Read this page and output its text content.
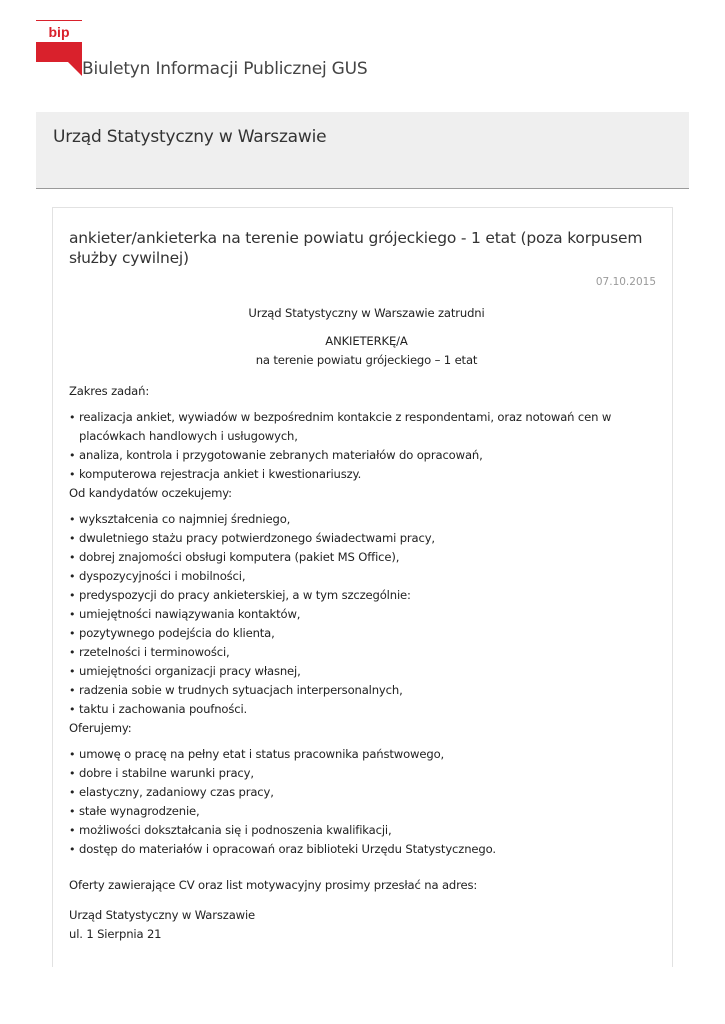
bip
Biuletyn Informacji Publicznej GUS
Urząd Statystyczny w Warszawie
ankieter/ankieterka na terenie powiatu grójeckiego - 1 etat (poza korpusem służby cywilnej)
07.10.2015

Urząd Statystyczny w Warszawie zatrudni

ANKIETERKĘ/A

na terenie powiatu grójeckiego – 1 etat

Zakres zadań:

• realizacja ankiet, wywiadów w bezpośrednim kontakcie z respondentami, oraz notowań cen w placówkach handlowych i usługowych,
• analiza, kontrola i przygotowanie zebranych materiałów do opracowań,
• komputerowa rejestracja ankiet i kwestionariuszy.

Od kandydatów oczekujemy:

• wykształcenia co najmniej średniego,
• dwuletniego stażu pracy potwierdzonego świadectwami pracy,
• dobrej znajomości obsługi komputera (pakiet MS Office),
• dyspozycyjności i mobilności,
• predyspozycji do pracy ankieterskiej, a w tym szczególnie:
• umiejętności nawiązywania kontaktów,
• pozytywnego podejścia do klienta,
• rzetelności i terminowości,
• umiejętności organizacji pracy własnej,
• radzenia sobie w trudnych sytuacjach interpersonalnych,
• taktu i zachowania poufności.

Oferujemy:

• umowę o pracę na pełny etat i status pracownika państwowego,
• dobre i stabilne warunki pracy,
• elastyczny, zadaniowy czas pracy,
• stałe wynagrodzenie,
• możliwości dokształcania się i podnoszenia kwalifikacji,
• dostęp do materiałów i opracowań oraz biblioteki Urzędu Statystycznego.

Oferty zawierające CV oraz list motywacyjny prosimy przesłać na adres:

Urząd Statystyczny w Warszawie

ul. 1 Sierpnia 21
